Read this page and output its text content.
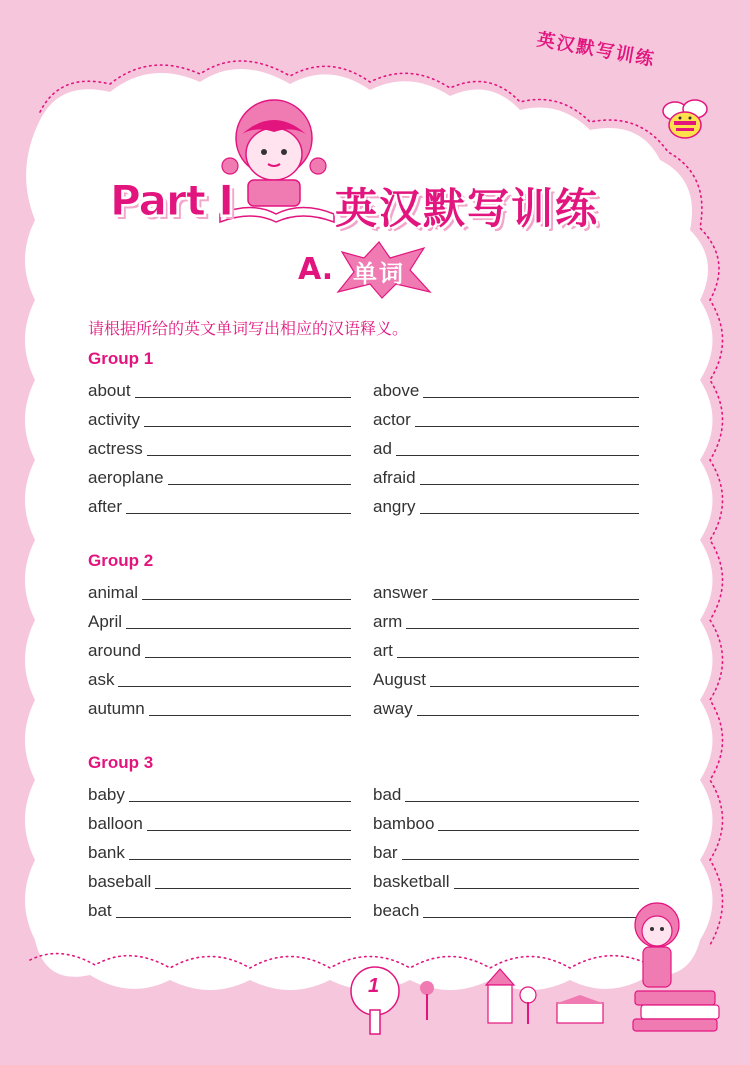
英汉默写训练
Part I 英汉默写训练
A. 单词
请根据所给的英文单词写出相应的汉语释义。
Group 1
about	above
activity	actor
actress	ad
aeroplane	afraid
after	angry
Group 2
animal	answer
April	arm
around	art
ask	August
autumn	away
Group 3
baby	bad
balloon	bamboo
bank	bar
baseball	basketball
bat	beach
1
